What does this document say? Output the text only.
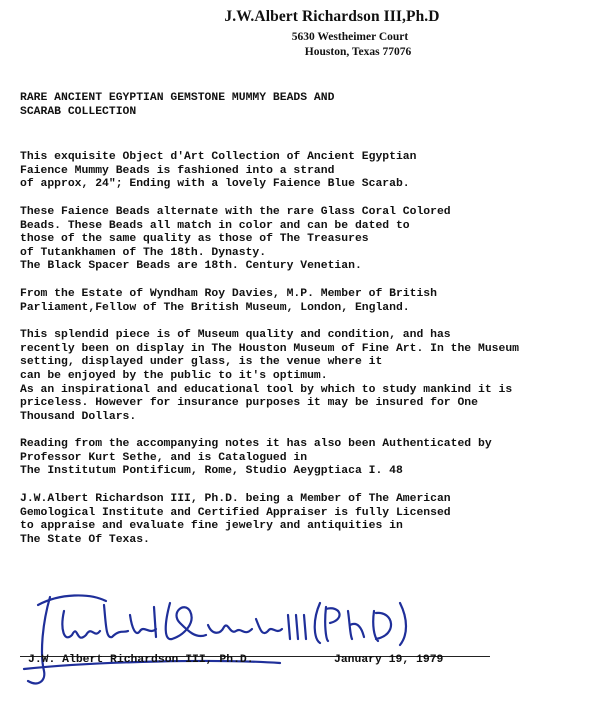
J.W.Albert Richardson III,Ph.D
5630 Westheimer Court
Houston, Texas 77076
RARE ANCIENT EGYPTIAN GEMSTONE MUMMY BEADS AND
SCARAB COLLECTION
This exquisite Object d'Art Collection of Ancient Egyptian
Faience Mummy Beads is fashioned into a strand
of approx, 24"; Ending with a lovely Faience Blue Scarab.
These Faience Beads alternate with the rare Glass Coral Colored
Beads. These Beads all match in color and can be dated to
those of the same quality as those of The Treasures
of Tutankhamen of The 18th. Dynasty.
The Black Spacer Beads are 18th. Century Venetian.
From the Estate of Wyndham Roy Davies, M.P. Member of British
Parliament,Fellow of The British Museum, London, England.
This splendid piece is of Museum quality and condition, and has
recently been on display in The Houston Museum of Fine Art. In the Museum
setting, displayed under glass, is the venue where it
can be enjoyed by the public to it's optimum.
As an inspirational and educational tool by which to study mankind it is
priceless. However for insurance purposes it may be insured for One
Thousand Dollars.
Reading from the accompanying notes it has also been Authenticated by
Professor Kurt Sethe, and is Catalogued in
The Institutum Pontificum, Rome, Studio Aeygptiaca I. 48
J.W.Albert Richardson III, Ph.D. being a Member of The American
Gemological Institute and Certified Appraiser is fully Licensed
to appraise and evaluate fine jewelry and antiquities in
The State Of Texas.
J.W. Albert Richardson III, Ph.D.	January 19, 1979
